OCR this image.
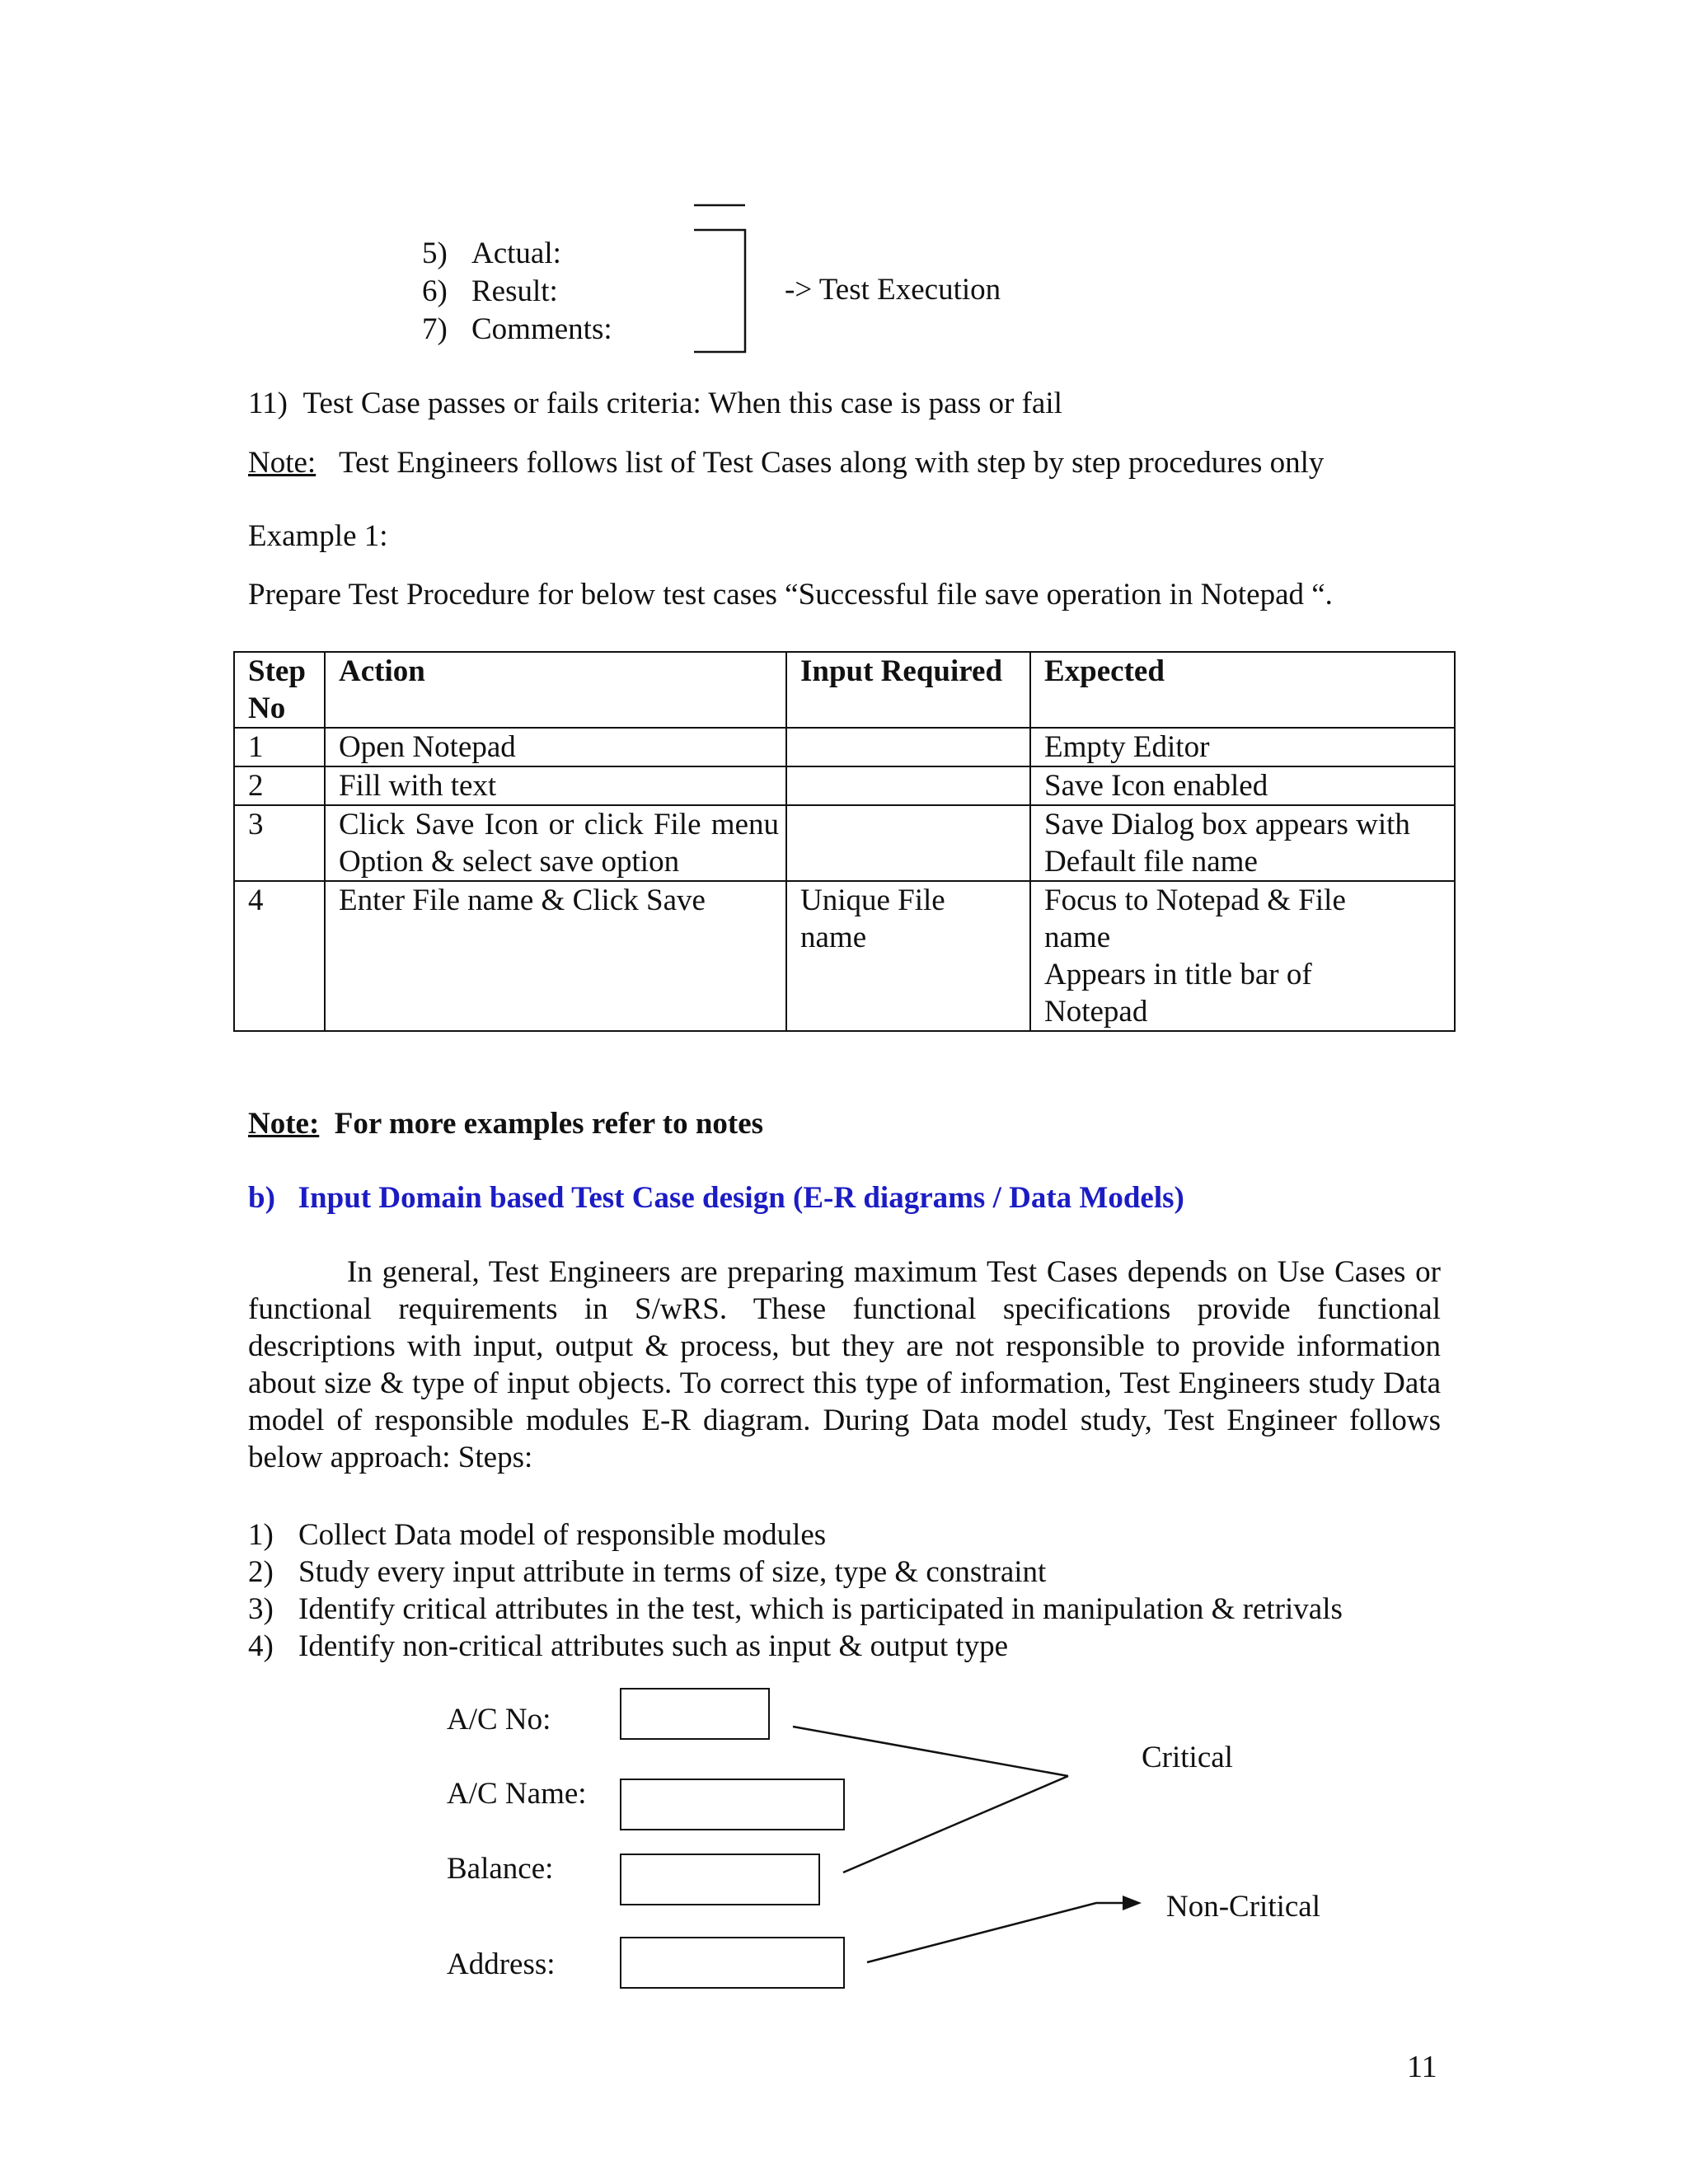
5) Actual:
6) Result:
7) Comments:
-> Test Execution
11) Test Case passes or fails criteria: When this case is pass or fail
Note: Test Engineers follows list of Test Cases along with step by step procedures only
Example 1:
Prepare Test Procedure for below test cases “Successful file save operation in Notepad “.
Step No	Action	Input Required	Expected
1	Open Notepad		Empty Editor
2	Fill with text		Save Icon enabled
3	Click Save Icon or click File menu
Option & select save option		Save Dialog box appears with Default file name
4	Enter File name & Click Save	Unique File name	Focus to Notepad & File name
Appears in title bar of Notepad
Note: For more examples refer to notes
b) Input Domain based Test Case design (E-R diagrams / Data Models)
In general, Test Engineers are preparing maximum Test Cases depends on Use Cases or functional requirements in S/wRS. These functional specifications provide functional descriptions with input, output & process, but they are not responsible to provide information about size & type of input objects. To correct this type of information, Test Engineers study Data model of responsible modules E-R diagram. During Data model study, Test Engineer follows below approach: Steps:
1) Collect Data model of responsible modules
2) Study every input attribute in terms of size, type & constraint
3) Identify critical attributes in the test, which is participated in manipulation & retrivals
4) Identify non-critical attributes such as input & output type
A/C No:
A/C Name:
Balance:
Address:
Critical
Non-Critical
11
